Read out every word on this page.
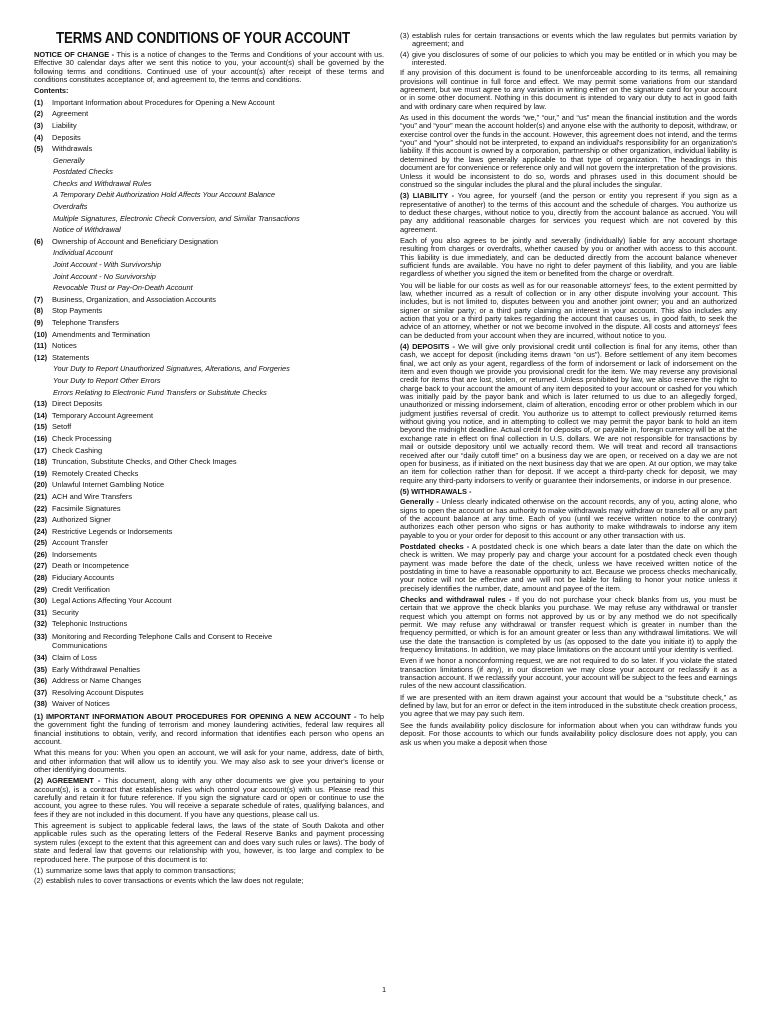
TERMS AND CONDITIONS OF YOUR ACCOUNT

NOTICE OF CHANGE - This is a notice of changes to the Terms and Conditions of your account with us. Effective 30 calendar days after we sent this notice to you, your account(s) shall be governed by the following terms and conditions. Continued use of your account(s) after receipt of these terms and conditions constitutes acceptance of, and agreement to, the terms and conditions.

Contents:
(1) Important Information about Procedures for Opening a New Account
(2) Agreement
(3) Liability
(4) Deposits
(5) Withdrawals
Generally
Postdated Checks
Checks and Withdrawal Rules
A Temporary Debit Authorization Hold Affects Your Account Balance
Overdrafts
Multiple Signatures, Electronic Check Conversion, and Similar Transactions
Notice of Withdrawal
(6) Ownership of Account and Beneficiary Designation
Individual Account
Joint Account - With Survivorship
Joint Account - No Survivorship
Revocable Trust or Pay-On-Death Account
(7) Business, Organization, and Association Accounts
(8) Stop Payments
(9) Telephone Transfers
(10) Amendments and Termination
(11) Notices
(12) Statements
Your Duty to Report Unauthorized Signatures, Alterations, and Forgeries
Your Duty to Report Other Errors
Errors Relating to Electronic Fund Transfers or Substitute Checks
(13) Direct Deposits
(14) Temporary Account Agreement
(15) Setoff
(16) Check Processing
(17) Check Cashing
(18) Truncation, Substitute Checks, and Other Check Images
(19) Remotely Created Checks
(20) Unlawful Internet Gambling Notice
(21) ACH and Wire Transfers
(22) Facsimile Signatures
(23) Authorized Signer
(24) Restrictive Legends or Indorsements
(25) Account Transfer
(26) Indorsements
(27) Death or Incompetence
(28) Fiduciary Accounts
(29) Credit Verification
(30) Legal Actions Affecting Your Account
(31) Security
(32) Telephonic Instructions
(33) Monitoring and Recording Telephone Calls and Consent to Receive
Communications
(34) Claim of Loss
(35) Early Withdrawal Penalties
(36) Address or Name Changes
(37) Resolving Account Disputes
(38) Waiver of Notices

(1) IMPORTANT INFORMATION ABOUT PROCEDURES FOR OPENING A NEW ACCOUNT - To help the government fight the funding of terrorism and money laundering activities, federal law requires all financial institutions to obtain, verify, and record information that identifies each person who opens an account.

What this means for you: When you open an account, we will ask for your name, address, date of birth, and other information that will allow us to identify you. We may also ask to see your driver's license or other identifying documents.

(2) AGREEMENT - This document, along with any other documents we give you pertaining to your account(s), is a contract that establishes rules which control your account(s) with us. Please read this carefully and retain it for future reference. If you sign the signature card or open or continue to use the account, you agree to these rules. You will receive a separate schedule of rates, qualifying balances, and fees if they are not included in this document. If you have any questions, please call us.

This agreement is subject to applicable federal laws, the laws of the state of South Dakota and other applicable rules such as the operating letters of the Federal Reserve Banks and payment processing system rules (except to the extent that this agreement can and does vary such rules or laws). The body of state and federal law that governs our relationship with you, however, is too large and complex to be reproduced here. The purpose of this document is to:

(1) summarize some laws that apply to common transactions;
(2) establish rules to cover transactions or events which the law does not regulate;
(3) establish rules for certain transactions or events which the law regulates but permits variation by agreement; and
(4) give you disclosures of some of our policies to which you may be entitled or in which you may be interested.

If any provision of this document is found to be unenforceable according to its terms, all remaining provisions will continue in full force and effect. We may permit some variations from our standard agreement, but we must agree to any variation in writing either on the signature card for your account or in some other document. Nothing in this document is intended to vary our duty to act in good faith and with ordinary care when required by law.

As used in this document the words “we,” “our,” and “us” mean the financial institution and the words “you” and “your” mean the account holder(s) and anyone else with the authority to deposit, withdraw, or exercise control over the funds in the account. However, this agreement does not intend, and the terms “you” and “your” should not be interpreted, to expand an individual's responsibility for an organization's liability. If this account is owned by a corporation, partnership or other organization, individual liability is determined by the laws generally applicable to that type of organization. The headings in this document are for convenience or reference only and will not govern the interpretation of the provisions. Unless it would be inconsistent to do so, words and phrases used in this document should be construed so the singular includes the plural and the plural includes the singular.

(3) LIABILITY - You agree, for yourself (and the person or entity you represent if you sign as a representative of another) to the terms of this account and the schedule of charges. You authorize us to deduct these charges, without notice to you, directly from the account balance as accrued. You will pay any additional reasonable charges for services you request which are not covered by this agreement.

Each of you also agrees to be jointly and severally (individually) liable for any account shortage resulting from charges or overdrafts, whether caused by you or another with access to this account. This liability is due immediately, and can be deducted directly from the account balance whenever sufficient funds are available. You have no right to defer payment of this liability, and you are liable regardless of whether you signed the item or benefited from the charge or overdraft.

You will be liable for our costs as well as for our reasonable attorneys' fees, to the extent permitted by law, whether incurred as a result of collection or in any other dispute involving your account. This includes, but is not limited to, disputes between you and another joint owner; you and an authorized signer or similar party; or a third party claiming an interest in your account. This also includes any action that you or a third party takes regarding the account that causes us, in good faith, to seek the advice of an attorney, whether or not we become involved in the dispute. All costs and attorneys' fees can be deducted from your account when they are incurred, without notice to you.

(4) DEPOSITS - We will give only provisional credit until collection is final for any items, other than cash, we accept for deposit (including items drawn “on us”). Before settlement of any item becomes final, we act only as your agent, regardless of the form of indorsement or lack of indorsement on the item and even though we provide you provisional credit for the item. We may reverse any provisional credit for items that are lost, stolen, or returned. Unless prohibited by law, we also reserve the right to charge back to your account the amount of any item deposited to your account or cashed for you which was initially paid by the payor bank and which is later returned to us due to an allegedly forged, unauthorized or missing indorsement, claim of alteration, encoding error or other problem which in our judgment justifies reversal of credit. You authorize us to attempt to collect previously returned items without giving you notice, and in attempting to collect we may permit the payor bank to hold an item beyond the midnight deadline. Actual credit for deposits of, or payable in, foreign currency will be at the exchange rate in effect on final collection in U.S. dollars. We are not responsible for transactions by mail or outside depository until we actually record them. We will treat and record all transactions received after our “daily cutoff time” on a business day we are open, or received on a day we are not open for business, as if initiated on the next business day that we are open. At our option, we may take an item for collection rather than for deposit. If we accept a third-party check for deposit, we may require any third-party indorsers to verify or guarantee their indorsements, or indorse in our presence.

(5) WITHDRAWALS -

Generally - Unless clearly indicated otherwise on the account records, any of you, acting alone, who signs to open the account or has authority to make withdrawals may withdraw or transfer all or any part of the account balance at any time. Each of you (until we receive written notice to the contrary) authorizes each other person who signs or has authority to make withdrawals to indorse any item payable to you or your order for deposit to this account or any other transaction with us.

Postdated checks - A postdated check is one which bears a date later than the date on which the check is written. We may properly pay and charge your account for a postdated check even though payment was made before the date of the check, unless we have received written notice of the postdating in time to have a reasonable opportunity to act. Because we process checks mechanically, your notice will not be effective and we will not be liable for failing to honor your notice unless it precisely identifies the number, date, amount and payee of the item.

Checks and withdrawal rules - If you do not purchase your check blanks from us, you must be certain that we approve the check blanks you purchase. We may refuse any withdrawal or transfer request which you attempt on forms not approved by us or by any method we do not specifically permit. We may refuse any withdrawal or transfer request which is greater in number than the frequency permitted, or which is for an amount greater or less than any withdrawal limitations. We will use the date the transaction is completed by us (as opposed to the date you initiate it) to apply the frequency limitations. In addition, we may place limitations on the account until your identity is verified.

Even if we honor a nonconforming request, we are not required to do so later. If you violate the stated transaction limitations (if any), in our discretion we may close your account or reclassify it as a transaction account. If we reclassify your account, your account will be subject to the fees and earnings rules of the new account classification.

If we are presented with an item drawn against your account that would be a “substitute check,” as defined by law, but for an error or defect in the item introduced in the substitute check creation process, you agree that we may pay such item.

See the funds availability policy disclosure for information about when you can withdraw funds you deposit. For those accounts to which our funds availability policy disclosure does not apply, you can ask us when you make a deposit when those

1
